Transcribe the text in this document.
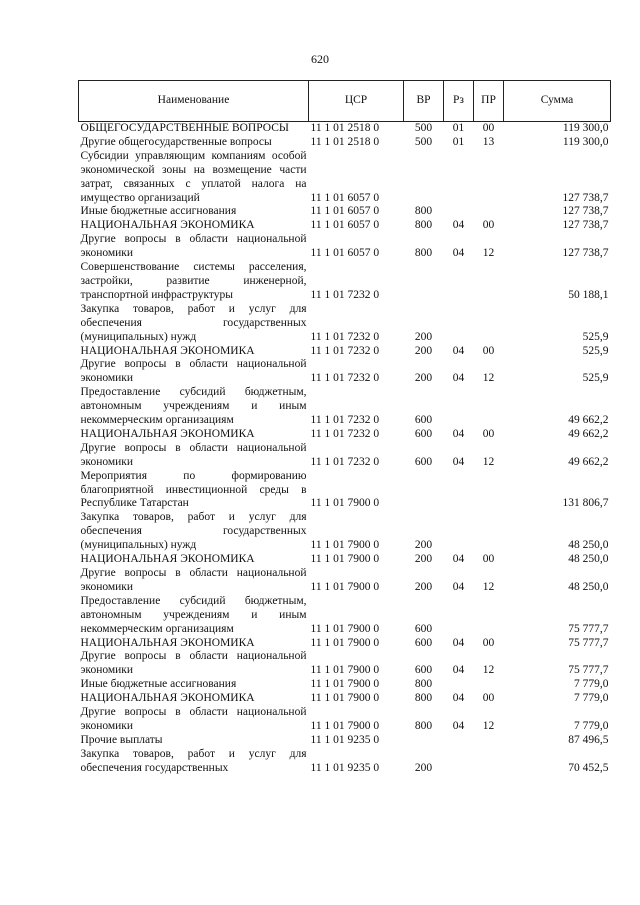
620
Наименование	ЦСР	ВР	Рз	ПР	Сумма
ОБЩЕГОСУДАРСТВЕННЫЕ ВОПРОСЫ	11 1 01 2518 0	500	01	00	119 300,0
Другие общегосударственные вопросы	11 1 01 2518 0	500	01	13	119 300,0
Субсидии управляющим компаниям особой экономической зоны на возмещение части затрат, связанных с уплатой налога на имущество организаций	11 1 01 6057 0				127 738,7
Иные бюджетные ассигнования	11 1 01 6057 0	800			127 738,7
НАЦИОНАЛЬНАЯ ЭКОНОМИКА	11 1 01 6057 0	800	04	00	127 738,7
Другие вопросы в области национальной экономики	11 1 01 6057 0	800	04	12	127 738,7
Совершенствование системы расселения, застройки, развитие инженерной, транспортной инфраструктуры	11 1 01 7232 0				50 188,1
Закупка товаров, работ и услуг для обеспечения государственных (муниципальных) нужд	11 1 01 7232 0	200			525,9
НАЦИОНАЛЬНАЯ ЭКОНОМИКА	11 1 01 7232 0	200	04	00	525,9
Другие вопросы в области национальной экономики	11 1 01 7232 0	200	04	12	525,9
Предоставление субсидий бюджетным, автономным учреждениям и иным некоммерческим организациям	11 1 01 7232 0	600			49 662,2
НАЦИОНАЛЬНАЯ ЭКОНОМИКА	11 1 01 7232 0	600	04	00	49 662,2
Другие вопросы в области национальной экономики	11 1 01 7232 0	600	04	12	49 662,2
Мероприятия по формированию благоприятной инвестиционной среды в Республике Татарстан	11 1 01 7900 0				131 806,7
Закупка товаров, работ и услуг для обеспечения государственных (муниципальных) нужд	11 1 01 7900 0	200			48 250,0
НАЦИОНАЛЬНАЯ ЭКОНОМИКА	11 1 01 7900 0	200	04	00	48 250,0
Другие вопросы в области национальной экономики	11 1 01 7900 0	200	04	12	48 250,0
Предоставление субсидий бюджетным, автономным учреждениям и иным некоммерческим организациям	11 1 01 7900 0	600			75 777,7
НАЦИОНАЛЬНАЯ ЭКОНОМИКА	11 1 01 7900 0	600	04	00	75 777,7
Другие вопросы в области национальной экономики	11 1 01 7900 0	600	04	12	75 777,7
Иные бюджетные ассигнования	11 1 01 7900 0	800			7 779,0
НАЦИОНАЛЬНАЯ ЭКОНОМИКА	11 1 01 7900 0	800	04	00	7 779,0
Другие вопросы в области национальной экономики	11 1 01 7900 0	800	04	12	7 779,0
Прочие выплаты	11 1 01 9235 0				87 496,5
Закупка товаров, работ и услуг для обеспечения государственных	11 1 01 9235 0	200			70 452,5
